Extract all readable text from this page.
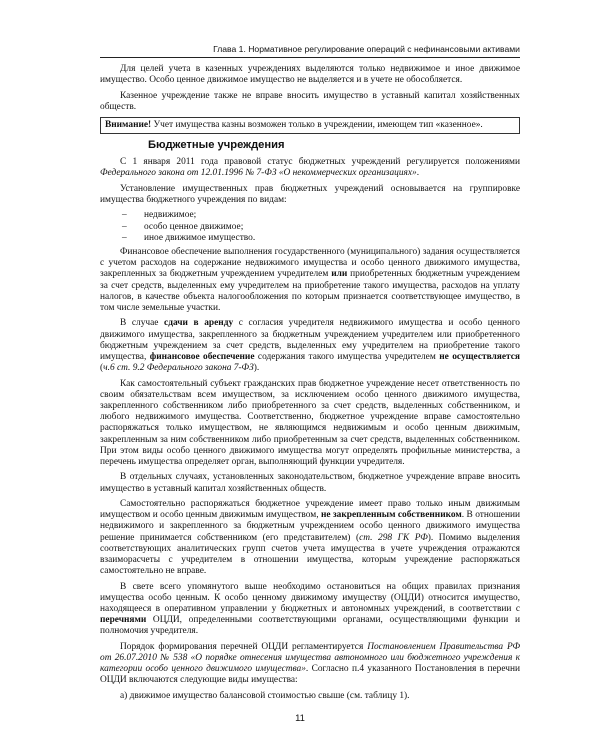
Глава 1. Нормативное регулирование операций с нефинансовыми активами

Для целей учета в казенных учреждениях выделяются только недвижимое и иное движимое имущество. Особо ценное движимое имущество не выделяется и в учете не обособляется.

Казенное учреждение также не вправе вносить имущество в уставный капитал хозяйственных обществ.

Внимание! Учет имущества казны возможен только в учреждении, имеющем тип «казенное».
Бюджетные учреждения

С 1 января 2011 года правовой статус бюджетных учреждений регулируется положениями Федерального закона от 12.01.1996 № 7-ФЗ «О некоммерческих организациях».

Установление имущественных прав бюджетных учреждений основывается на группировке имущества бюджетного учреждения по видам:

– недвижимое;
– особо ценное движимое;
– иное движимое имущество.

Финансовое обеспечение выполнения государственного (муниципального) задания осуществляется с учетом расходов на содержание недвижимого имущества и особо ценного движимого имущества, закрепленных за бюджетным учреждением учредителем или приобретенных бюджетным учреждением за счет средств, выделенных ему учредителем на приобретение такого имущества, расходов на уплату налогов, в качестве объекта налогообложения по которым признается соответствующее имущество, в том числе земельные участки.

В случае сдачи в аренду с согласия учредителя недвижимого имущества и особо ценного движимого имущества, закрепленного за бюджетным учреждением учредителем или приобретенного бюджетным учреждением за счет средств, выделенных ему учредителем на приобретение такого имущества, финансовое обеспечение содержания такого имущества учредителем не осуществляется (ч.6 ст. 9.2 Федерального закона 7-ФЗ).

Как самостоятельный субъект гражданских прав бюджетное учреждение несет ответственность по своим обязательствам всем имуществом, за исключением особо ценного движимого имущества, закрепленного собственником либо приобретенного за счет средств, выделенных собственником, и любого недвижимого имущества. Соответственно, бюджетное учреждение вправе самостоятельно распоряжаться только имуществом, не являющимся недвижимым и особо ценным движимым, закрепленным за ним собственником либо приобретенным за счет средств, выделенных собственником. При этом виды особо ценного движимого имущества могут определять профильные министерства, а перечень имущества определяет орган, выполняющий функции учредителя.

В отдельных случаях, установленных законодательством, бюджетное учреждение вправе вносить имущество в уставный капитал хозяйственных обществ.

Самостоятельно распоряжаться бюджетное учреждение имеет право только иным движимым имуществом и особо ценным движимым имуществом, не закрепленным собственником. В отношении недвижимого и закрепленного за бюджетным учреждением особо ценного движимого имущества решение принимается собственником (его представителем) (ст. 298 ГК РФ). Помимо выделения соответствующих аналитических групп счетов учета имущества в учете учреждения отражаются взаиморасчеты с учредителем в отношении имущества, которым учреждение распоряжаться самостоятельно не вправе.

В свете всего упомянутого выше необходимо остановиться на общих правилах признания имущества особо ценным. К особо ценному движимому имуществу (ОЦДИ) относится имущество, находящееся в оперативном управлении у бюджетных и автономных учреждений, в соответствии с перечнями ОЦДИ, определенными соответствующими органами, осуществляющими функции и полномочия учредителя.

Порядок формирования перечней ОЦДИ регламентируется Постановлением Правительства РФ от 26.07.2010 № 538 «О порядке отнесения имущества автономного или бюджетного учреждения к категории особо ценного движимого имущества». Согласно п.4 указанного Постановления в перечни ОЦДИ включаются следующие виды имущества:

а) движимое имущество балансовой стоимостью свыше (см. таблицу 1).
11
